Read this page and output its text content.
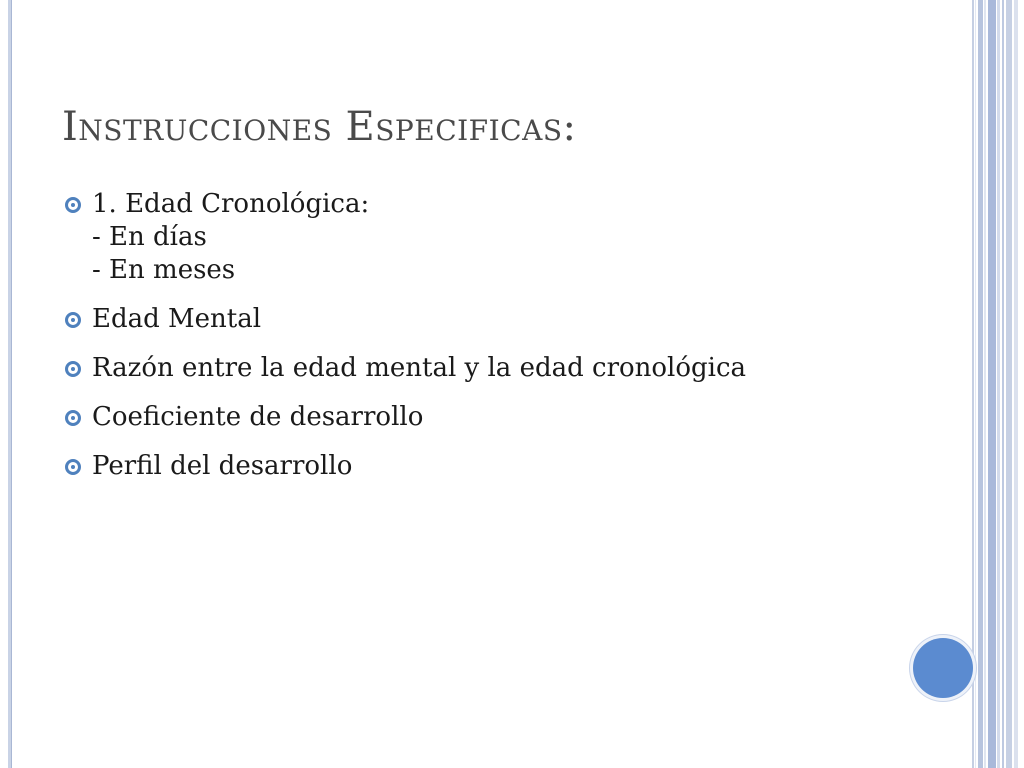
Instrucciones Especificas:
1. Edad Cronológica:
- En días
- En meses
Edad Mental
Razón entre la edad mental y la edad cronológica
Coeficiente de desarrollo
Perfil del desarrollo
